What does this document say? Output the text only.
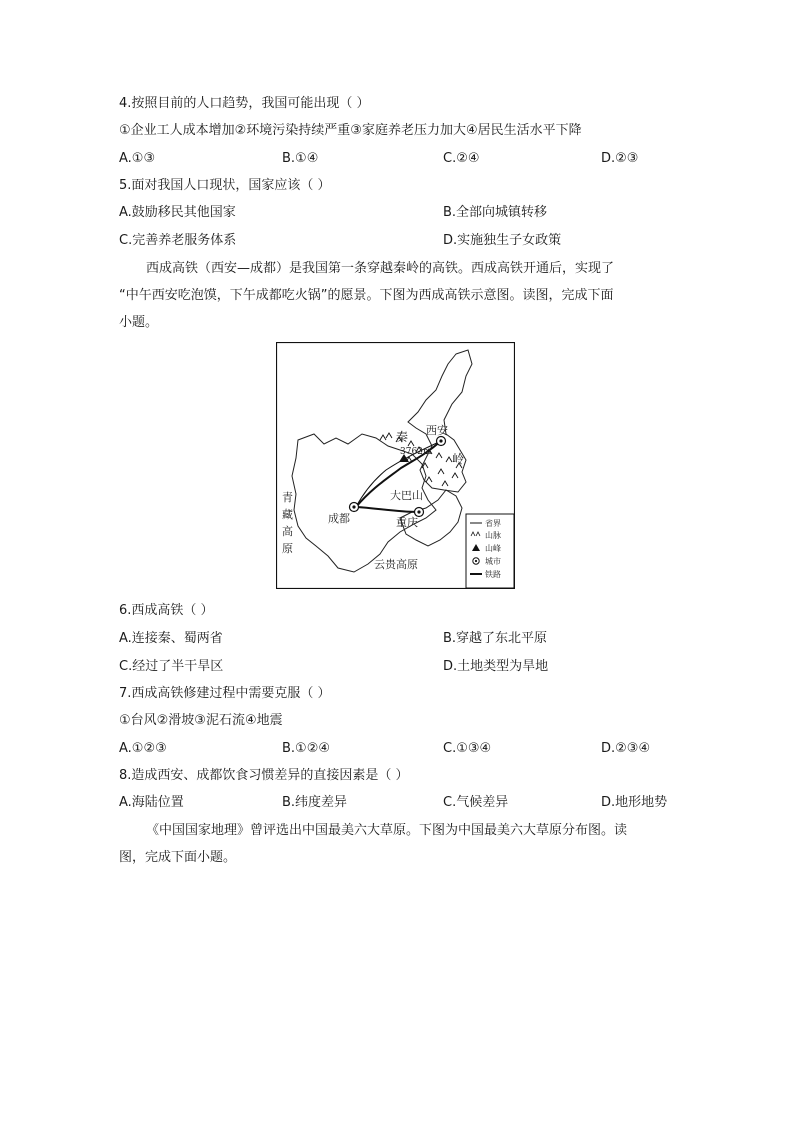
4.按照目前的人口趋势，我国可能出现（ ）
①企业工人成本增加②环境污染持续严重③家庭养老压力加大④居民生活水平下降
A.①③	B.①④	C.②④	D.②③
5.面对我国人口现状，国家应该（ ）
A.鼓励移民其他国家	B.全部向城镇转移
C.完善养老服务体系	D.实施独生子女政策
西成高铁（西安—成都）是我国第一条穿越秦岭的高铁。西成高铁开通后，实现了
“中午西安吃泡馍，下午成都吃火锅”的愿景。下图为西成高铁示意图。读图，完成下面
小题。
西安
秦
岭
3762m
大巴山
成都	重庆
青
藏
高
原
云贵高原
省界
山脉
山峰
城市
铁路
6.西成高铁（ ）
A.连接秦、蜀两省	B.穿越了东北平原
C.经过了半干旱区	D.土地类型为旱地
7.西成高铁修建过程中需要克服（ ）
①台风②滑坡③泥石流④地震
A.①②③	B.①②④	C.①③④	D.②③④
8.造成西安、成都饮食习惯差异的直接因素是（ ）
A.海陆位置	B.纬度差异	C.气候差异	D.地形地势
《中国国家地理》曾评选出中国最美六大草原。下图为中国最美六大草原分布图。读
图，完成下面小题。
